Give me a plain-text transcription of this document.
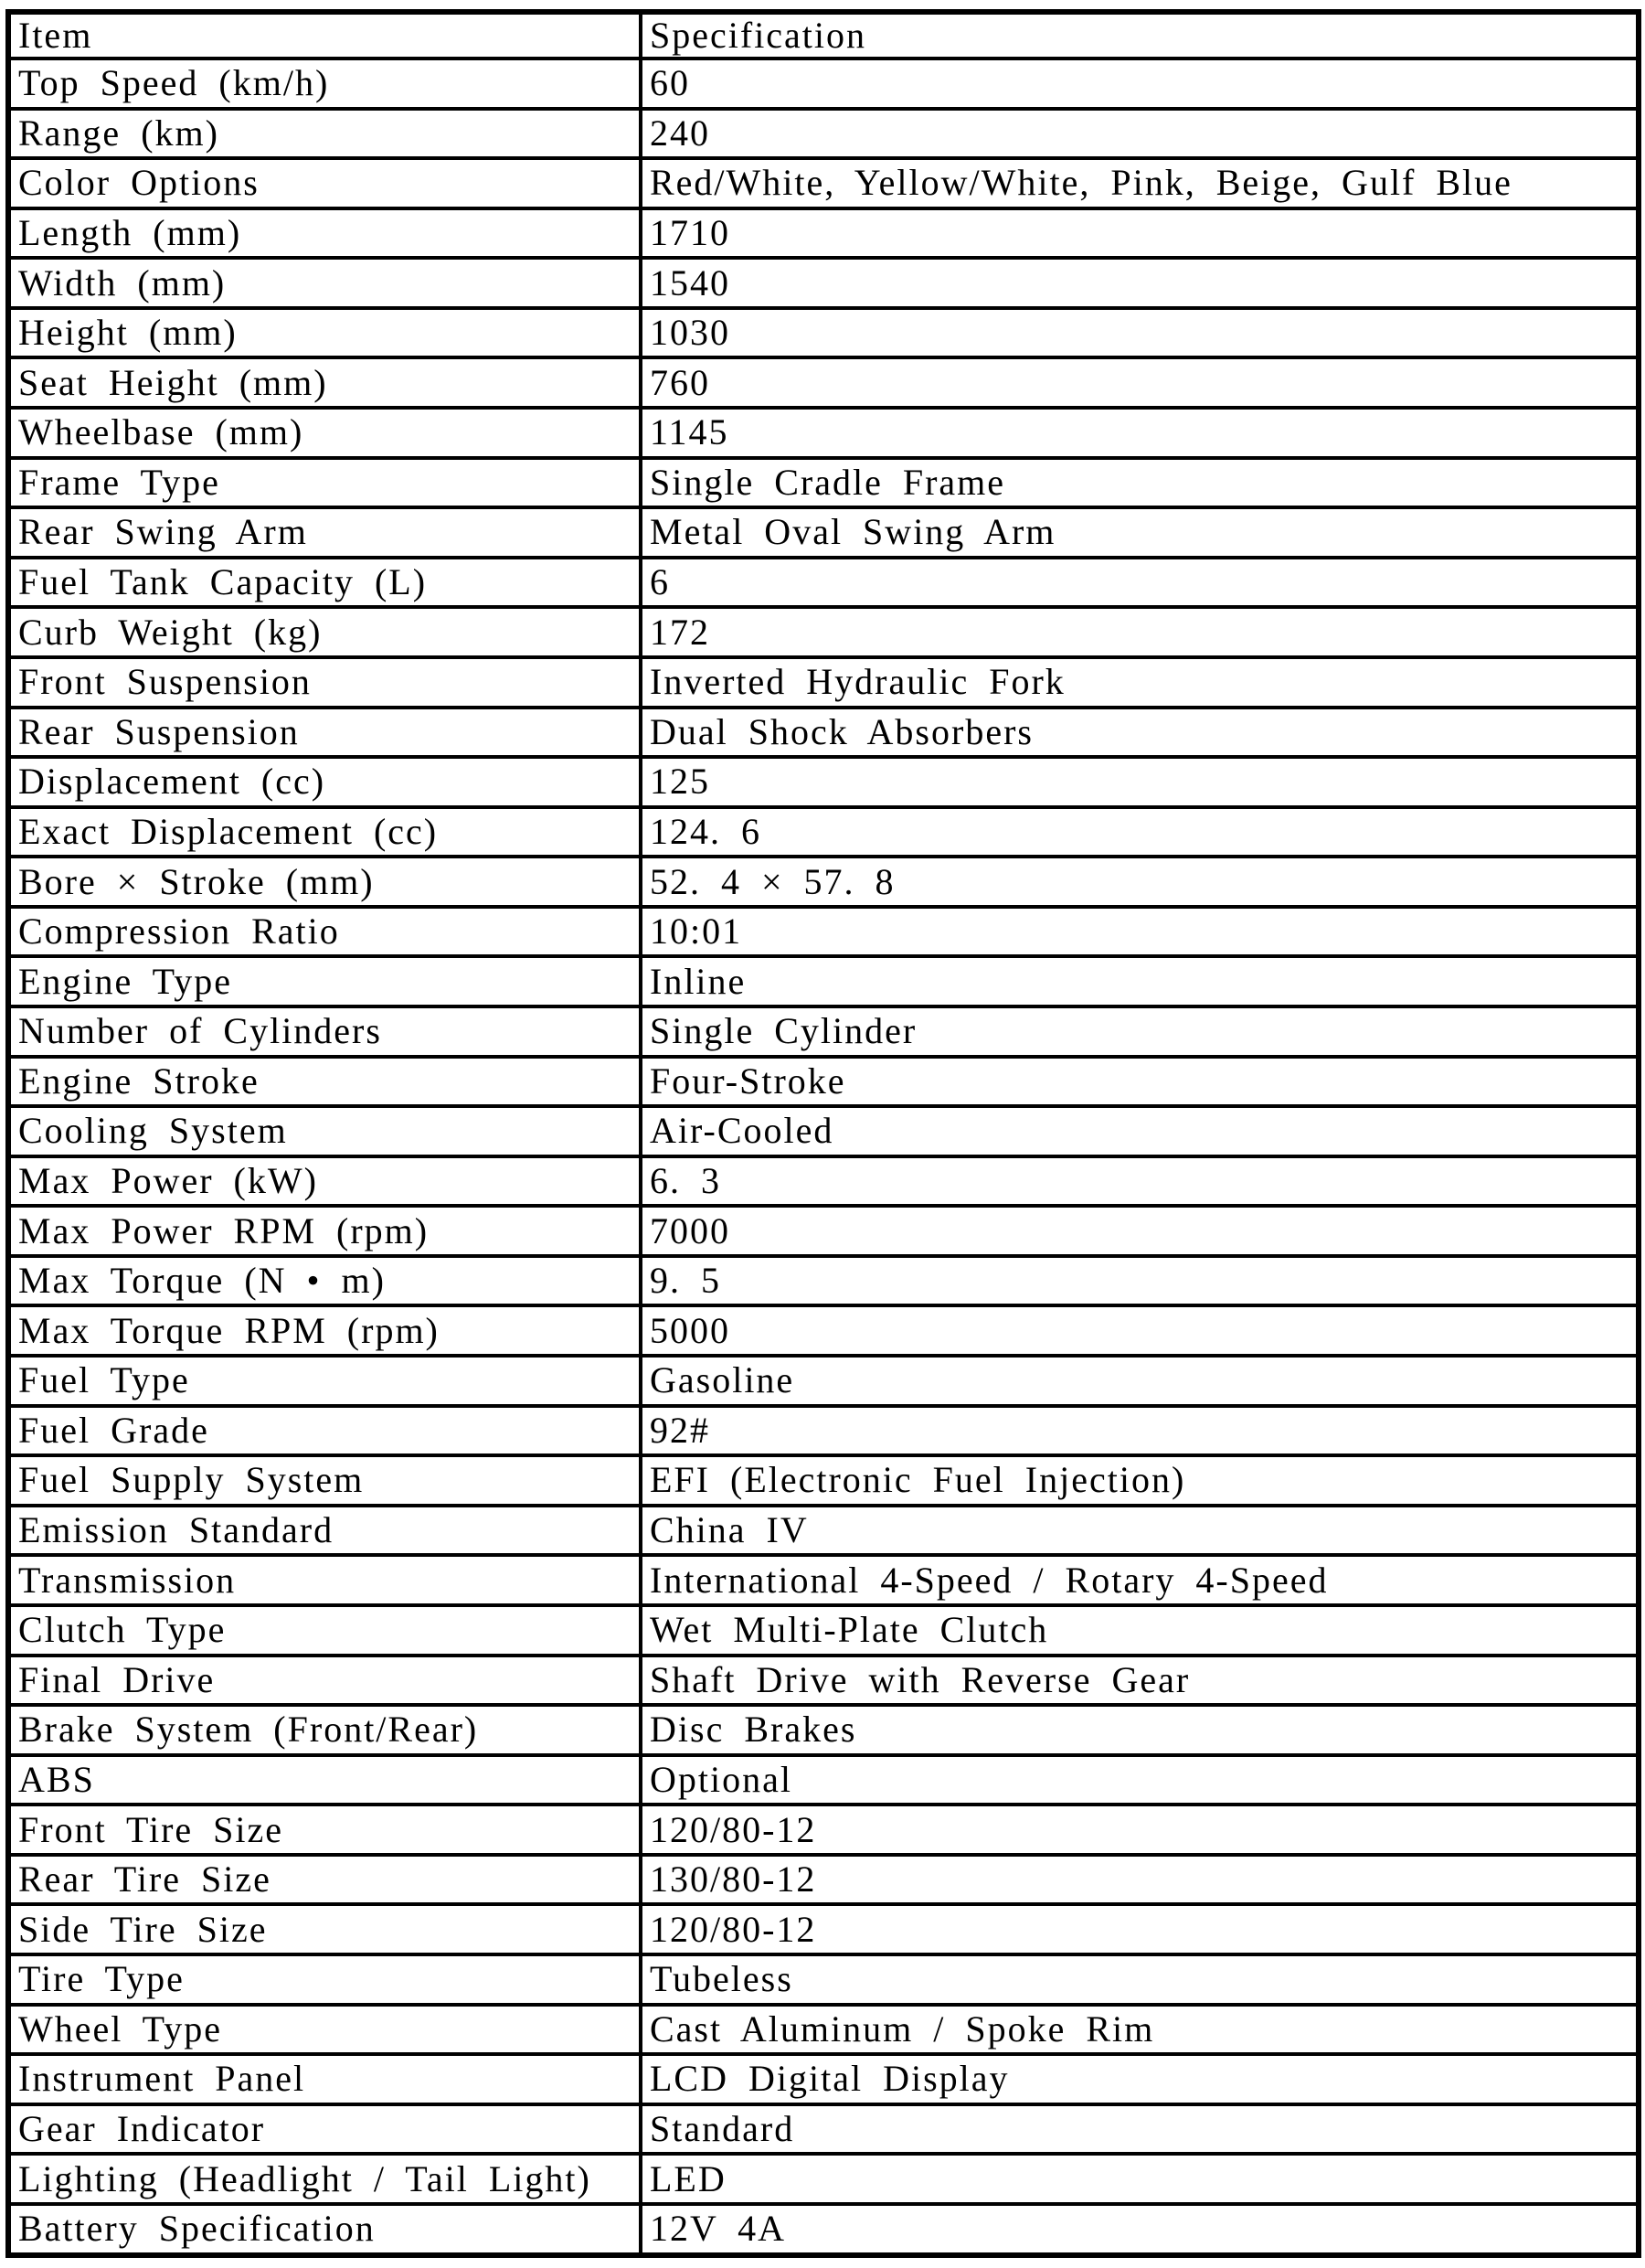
Item	Specification
Top Speed (km/h)	60
Range (km)	240
Color Options	Red/White, Yellow/White, Pink, Beige, Gulf Blue
Length (mm)	1710
Width (mm)	1540
Height (mm)	1030
Seat Height (mm)	760
Wheelbase (mm)	1145
Frame Type	Single Cradle Frame
Rear Swing Arm	Metal Oval Swing Arm
Fuel Tank Capacity (L)	6
Curb Weight (kg)	172
Front Suspension	Inverted Hydraulic Fork
Rear Suspension	Dual Shock Absorbers
Displacement (cc)	125
Exact Displacement (cc)	124. 6
Bore × Stroke (mm)	52. 4 × 57. 8
Compression Ratio	10:01
Engine Type	Inline
Number of Cylinders	Single Cylinder
Engine Stroke	Four-Stroke
Cooling System	Air-Cooled
Max Power (kW)	6. 3
Max Power RPM (rpm)	7000
Max Torque (N • m)	9. 5
Max Torque RPM (rpm)	5000
Fuel Type	Gasoline
Fuel Grade	92#
Fuel Supply System	EFI (Electronic Fuel Injection)
Emission Standard	China IV
Transmission	International 4-Speed / Rotary 4-Speed
Clutch Type	Wet Multi-Plate Clutch
Final Drive	Shaft Drive with Reverse Gear
Brake System (Front/Rear)	Disc Brakes
ABS	Optional
Front Tire Size	120/80-12
Rear Tire Size	130/80-12
Side Tire Size	120/80-12
Tire Type	Tubeless
Wheel Type	Cast Aluminum / Spoke Rim
Instrument Panel	LCD Digital Display
Gear Indicator	Standard
Lighting (Headlight / Tail Light)	LED
Battery Specification	12V 4A
